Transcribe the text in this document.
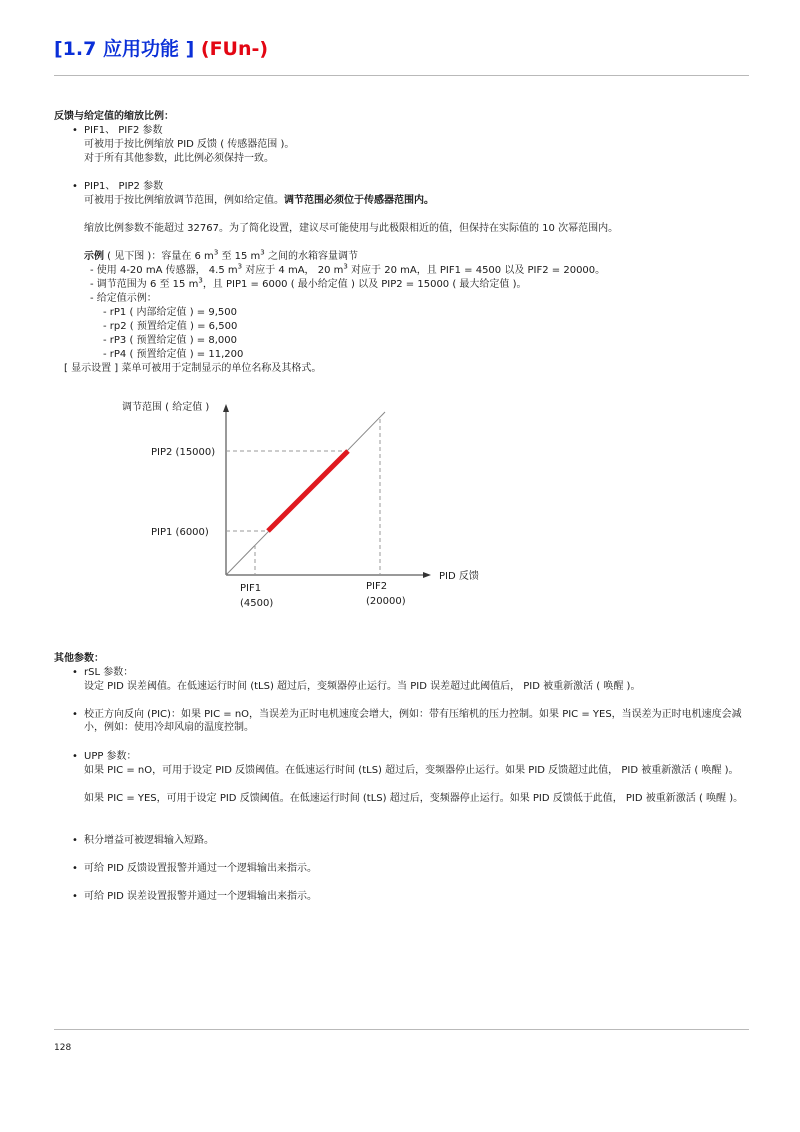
[1.7 应用功能 ] (FUn-)
反馈与给定值的缩放比例：
• PIF1、 PIF2 参数
可被用于按比例缩放 PID 反馈 ( 传感器范围 )。
对于所有其他参数，此比例必须保持一致。
• PIP1、 PIP2 参数
可被用于按比例缩放调节范围，例如给定值。调节范围必须位于传感器范围内。
缩放比例参数不能超过 32767。为了简化设置，建议尽可能使用与此极限相近的值，但保持在实际值的 10 次幂范围内。
示例 ( 见下图 )：容量在 6 $m^3$ 至 15 $m^3$ 之间的水箱容量调节
- 使用 4-20 mA 传感器， 4.5 $m^3$ 对应于 4 mA， 20 $m^3$ 对应于 20 mA，且 PIF1 = 4500 以及 PIF2 = 20000。
- 调节范围为 6 至 15 $m^3$，且 PIP1 = 6000 ( 最小给定值 ) 以及 PIP2 = 15000 ( 最大给定值 )。
- 给定值示例：
- rP1 ( 内部给定值 ) = 9,500
- rp2 ( 预置给定值 ) = 6,500
- rP3 ( 预置给定值 ) = 8,000
- rP4 ( 预置给定值 ) = 11,200
[ 显示设置 ] 菜单可被用于定制显示的单位名称及其格式。
调节范围 ( 给定值 )
PID 反馈
PIP2 (15000)
PIP1 (6000)
PIF1
(4500)
PIF2
(20000)
其他参数：
• rSL 参数：
设定 PID 误差阈值。在低速运行时间 (tLS) 超过后，变频器停止运行。当 PID 误差超过此阈值后， PID 被重新激活 ( 唤醒 )。
• 校正方向反向 (PIC)：如果 PIC = nO，当误差为正时电机速度会增大，例如：带有压缩机的压力控制。如果 PIC = YES，当误差为正时电机速度会减小，例如：使用冷却风扇的温度控制。
• UPP 参数：
如果 PIC = nO，可用于设定 PID 反馈阈值。在低速运行时间 (tLS) 超过后，变频器停止运行。如果 PID 反馈超过此值， PID 被重新激活 ( 唤醒 )。
如果 PIC = YES，可用于设定 PID 反馈阈值。在低速运行时间 (tLS) 超过后，变频器停止运行。如果 PID 反馈低于此值， PID 被重新激活 ( 唤醒 )。
• 积分增益可被逻辑输入短路。
• 可给 PID 反馈设置报警并通过一个逻辑输出来指示。
• 可给 PID 误差设置报警并通过一个逻辑输出来指示。
128
